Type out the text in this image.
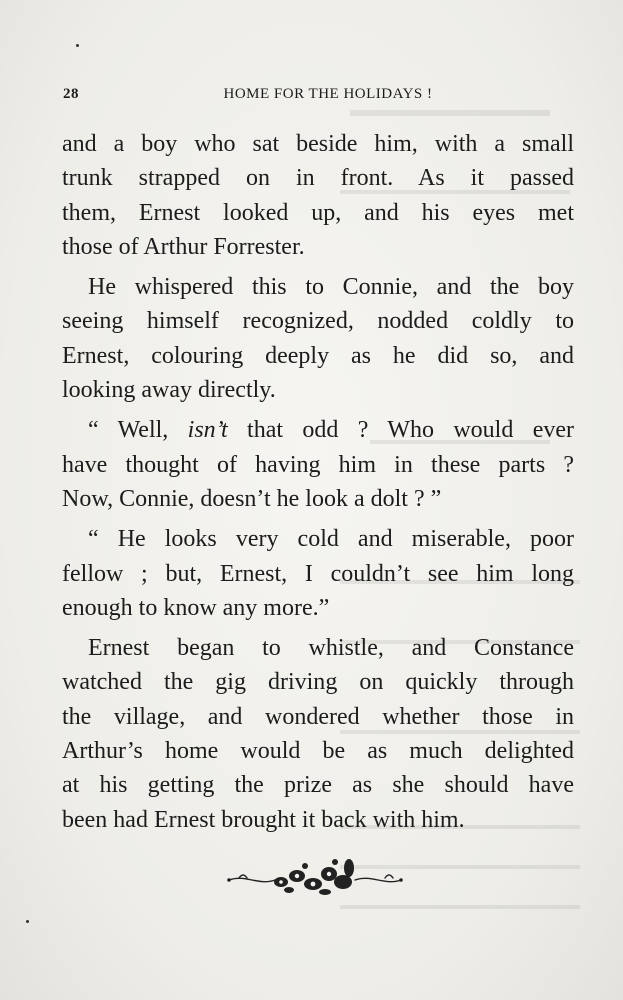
28	HOME FOR THE HOLIDAYS !
and a boy who sat beside him, with a small
trunk strapped on in front. As it passed
them, Ernest looked up, and his eyes met
those of Arthur Forrester.
He whispered this to Connie, and the boy
seeing himself recognized, nodded coldly to
Ernest, colouring deeply as he did so, and
looking away directly.
“ Well, isn’t that odd ? Who would ever
have thought of having him in these parts ?
Now, Connie, doesn’t he look a dolt ? ”
“ He looks very cold and miserable, poor
fellow ; but, Ernest, I couldn’t see him long
enough to know any more.”
Ernest began to whistle, and Constance
watched the gig driving on quickly through
the village, and wondered whether those in
Arthur’s home would be as much delighted
at his getting the prize as she should have
been had Ernest brought it back with him.
